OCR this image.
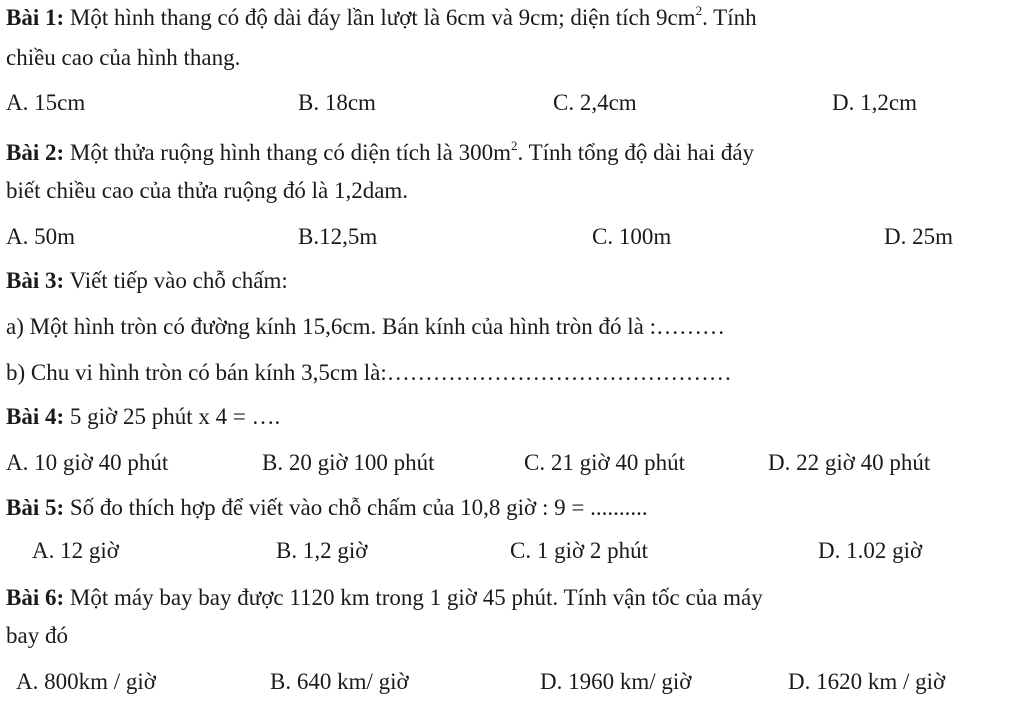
Bài 1: Một hình thang có độ dài đáy lần lượt là 6cm và 9cm; diện tích $9cm^2$. Tính
chiều cao của hình thang.
A. 15cm	B. 18cm	C. 2,4cm	D. 1,2cm
Bài 2: Một thửa ruộng hình thang có diện tích là $300m^2$. Tính tổng độ dài hai đáy
biết chiều cao của thửa ruộng đó là 1,2dam.
A. 50m	B.12,5m	C. 100m	D. 25m
Bài 3: Viết tiếp vào chỗ chấm:
a) Một hình tròn có đường kính 15,6cm. Bán kính của hình tròn đó là :………
b) Chu vi hình tròn có bán kính 3,5cm là:………………………………………
Bài 4: 5 giờ 25 phút x 4 = ….
A. 10 giờ 40 phút	B. 20 giờ 100 phút	C. 21 giờ 40 phút	D. 22 giờ 40 phút
Bài 5: Số đo thích hợp để viết vào chỗ chấm của 10,8 giờ : 9 = ..........
A. 12 giờ	B. 1,2 giờ	C. 1 giờ 2 phút	D. 1.02 giờ
Bài 6: Một máy bay bay được 1120 km trong 1 giờ 45 phút. Tính vận tốc của máy
bay đó
A. 800km / giờ	B. 640 km/ giờ	D. 1960 km/ giờ	D. 1620 km / giờ
